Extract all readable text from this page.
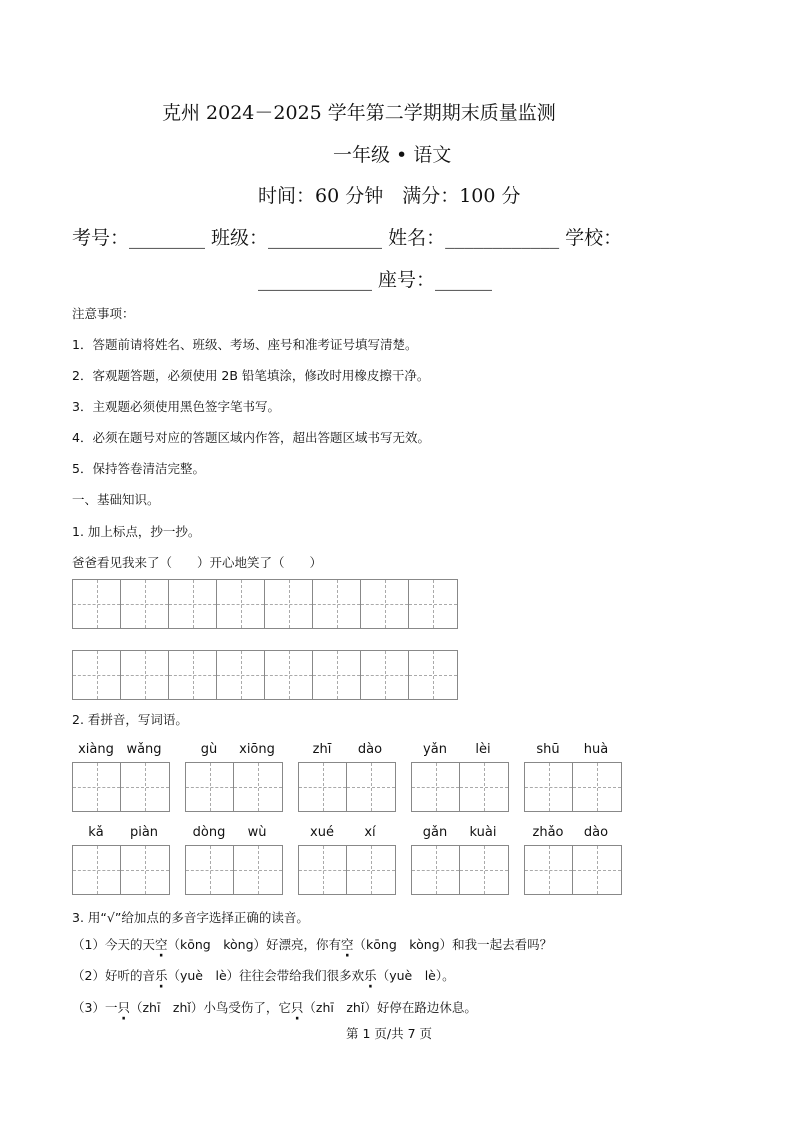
克州 2024－2025 学年第二学期期末质量监测
一年级 • 语文
时间：60 分钟　满分：100 分
考号：________ 班级：____________ 姓名：____________ 学校：
____________ 座号：______
注意事项：
1．答题前请将姓名、班级、考场、座号和准考证号填写清楚。
2．客观题答题，必须使用 2B 铅笔填涂，修改时用橡皮擦干净。
3．主观题必须使用黑色签字笔书写。
4．必须在题号对应的答题区域内作答，超出答题区域书写无效。
5．保持答卷清洁完整。
一、基础知识。
1. 加上标点，抄一抄。
爸爸看见我来了（　　）开心地笑了（　　）
2. 看拼音，写词语。
xiàng wǎng	gù	xiōng	zhī	dào	yǎn	lèi	shū	huà
kǎ	piàn	dòng	wù	xué	xí	gǎn	kuài	zhǎo	dào
3. 用“√”给加点的多音字选择正确的读音。
（1）今天的天空（kōng　kòng）好漂亮，你有空（kōng　kòng）和我一起去看吗？
（2）好听的音乐（yuè　lè）往往会带给我们很多欢乐（yuè　lè）。
（3）一只（zhī　zhǐ）小鸟受伤了，它只（zhī　zhǐ）好停在路边休息。
第 1 页/共 7 页
